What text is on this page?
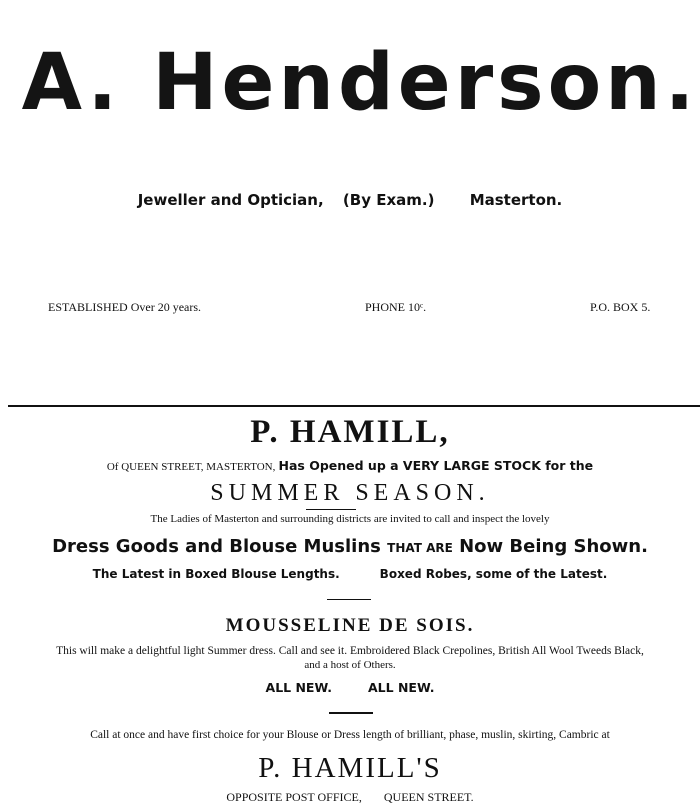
A. Henderson.
Jeweller and Optician, (By Exam.) Masterton.
ESTABLISHED Over 20 years.	PHONE 10ᶜ.	P.O. BOX 5.
P. HAMILL,
Of QUEEN STREET, MASTERTON, Has Opened up a VERY LARGE STOCK for the
SUMMER SEASON.
The Ladies of Masterton and surrounding districts are invited to call and inspect the lovely
Dress Goods and Blouse Muslins THAT ARE Now Being Shown.
The Latest in Boxed Blouse Lengths.	Boxed Robes, some of the Latest.
MOUSSELINE DE SOIS.
This will make a delightful light Summer dress. Call and see it. Embroidered Black Crepolines, British All Wool Tweeds Black,
and a host of Others.
ALL NEW.	ALL NEW.
Call at once and have first choice for your Blouse or Dress length of brilliant, phase, muslin, skirting, Cambric at
P. HAMILL'S
OPPOSITE POST OFFICE, QUEEN STREET.
